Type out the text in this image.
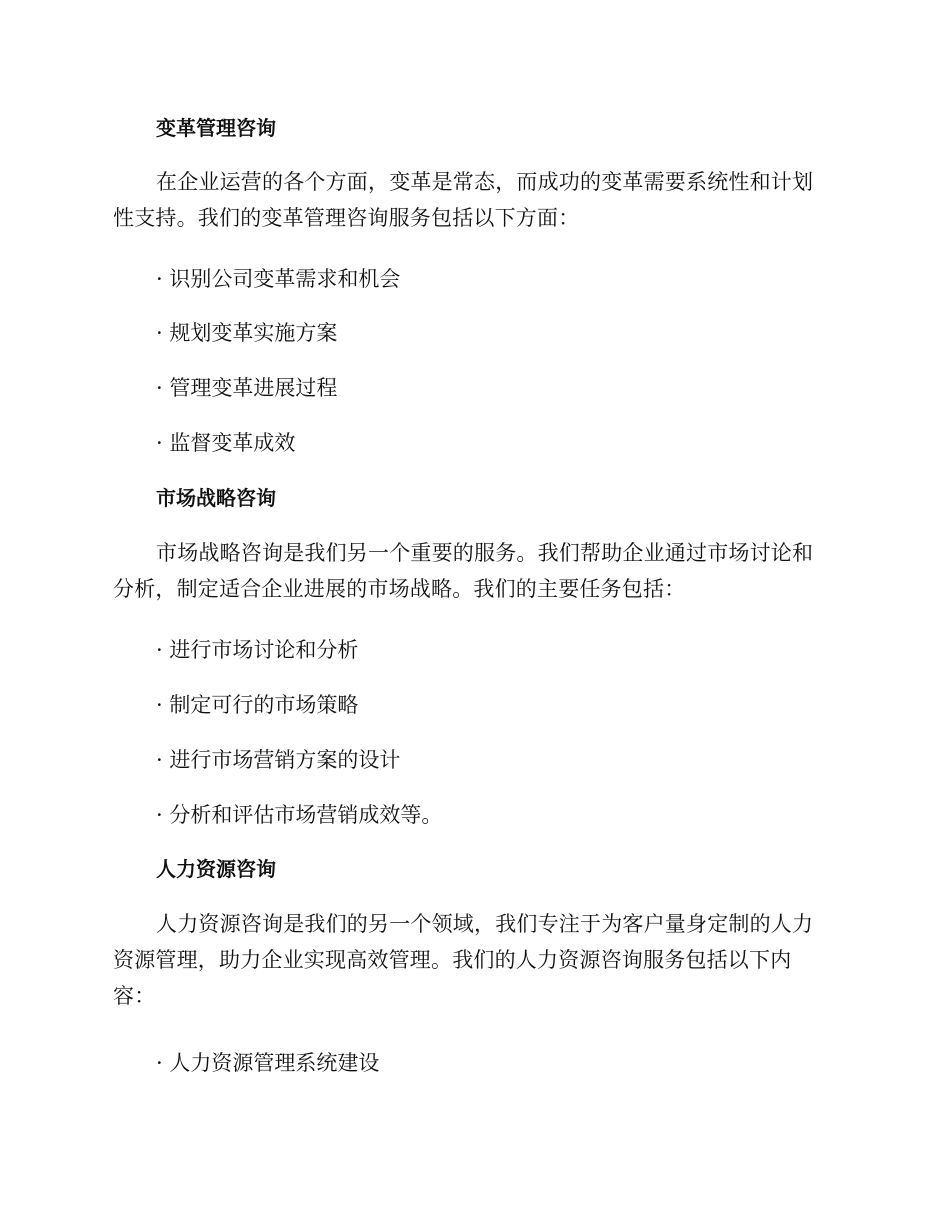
变革管理咨询

在企业运营的各个方面，变革是常态，而成功的变革需要系统性和计划性支持。我们的变革管理咨询服务包括以下方面：

· 识别公司变革需求和机会

· 规划变革实施方案

· 管理变革进展过程

· 监督变革成效

市场战略咨询

市场战略咨询是我们另一个重要的服务。我们帮助企业通过市场讨论和分析，制定适合企业进展的市场战略。我们的主要任务包括：

· 进行市场讨论和分析

· 制定可行的市场策略

· 进行市场营销方案的设计

· 分析和评估市场营销成效等。

人力资源咨询

人力资源咨询是我们的另一个领域，我们专注于为客户量身定制的人力资源管理，助力企业实现高效管理。我们的人力资源咨询服务包括以下内容：

· 人力资源管理系统建设
